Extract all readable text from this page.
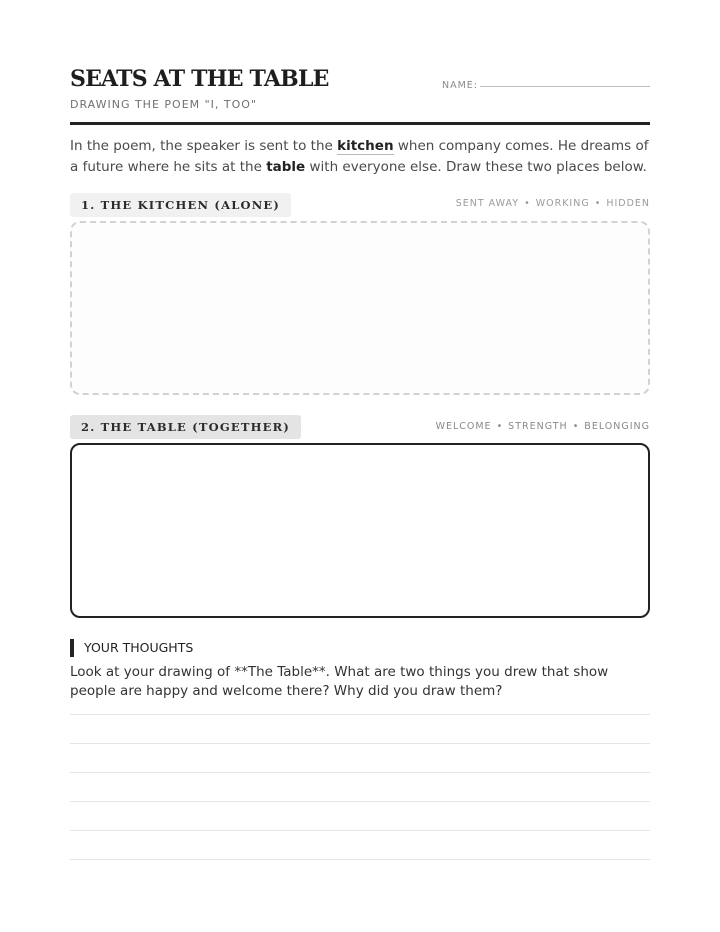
SEATS AT THE TABLE
DRAWING THE POEM "I, TOO"
NAME:
In the poem, the speaker is sent to the kitchen when company comes. He dreams of a future where he sits at the table with everyone else. Draw these two places below.
1. THE KITCHEN (ALONE)	SENT AWAY • WORKING • HIDDEN
2. THE TABLE (TOGETHER)	WELCOME • STRENGTH • BELONGING
YOUR THOUGHTS
Look at your drawing of **The Table**. What are two things you drew that show people are happy and welcome there? Why did you draw them?
